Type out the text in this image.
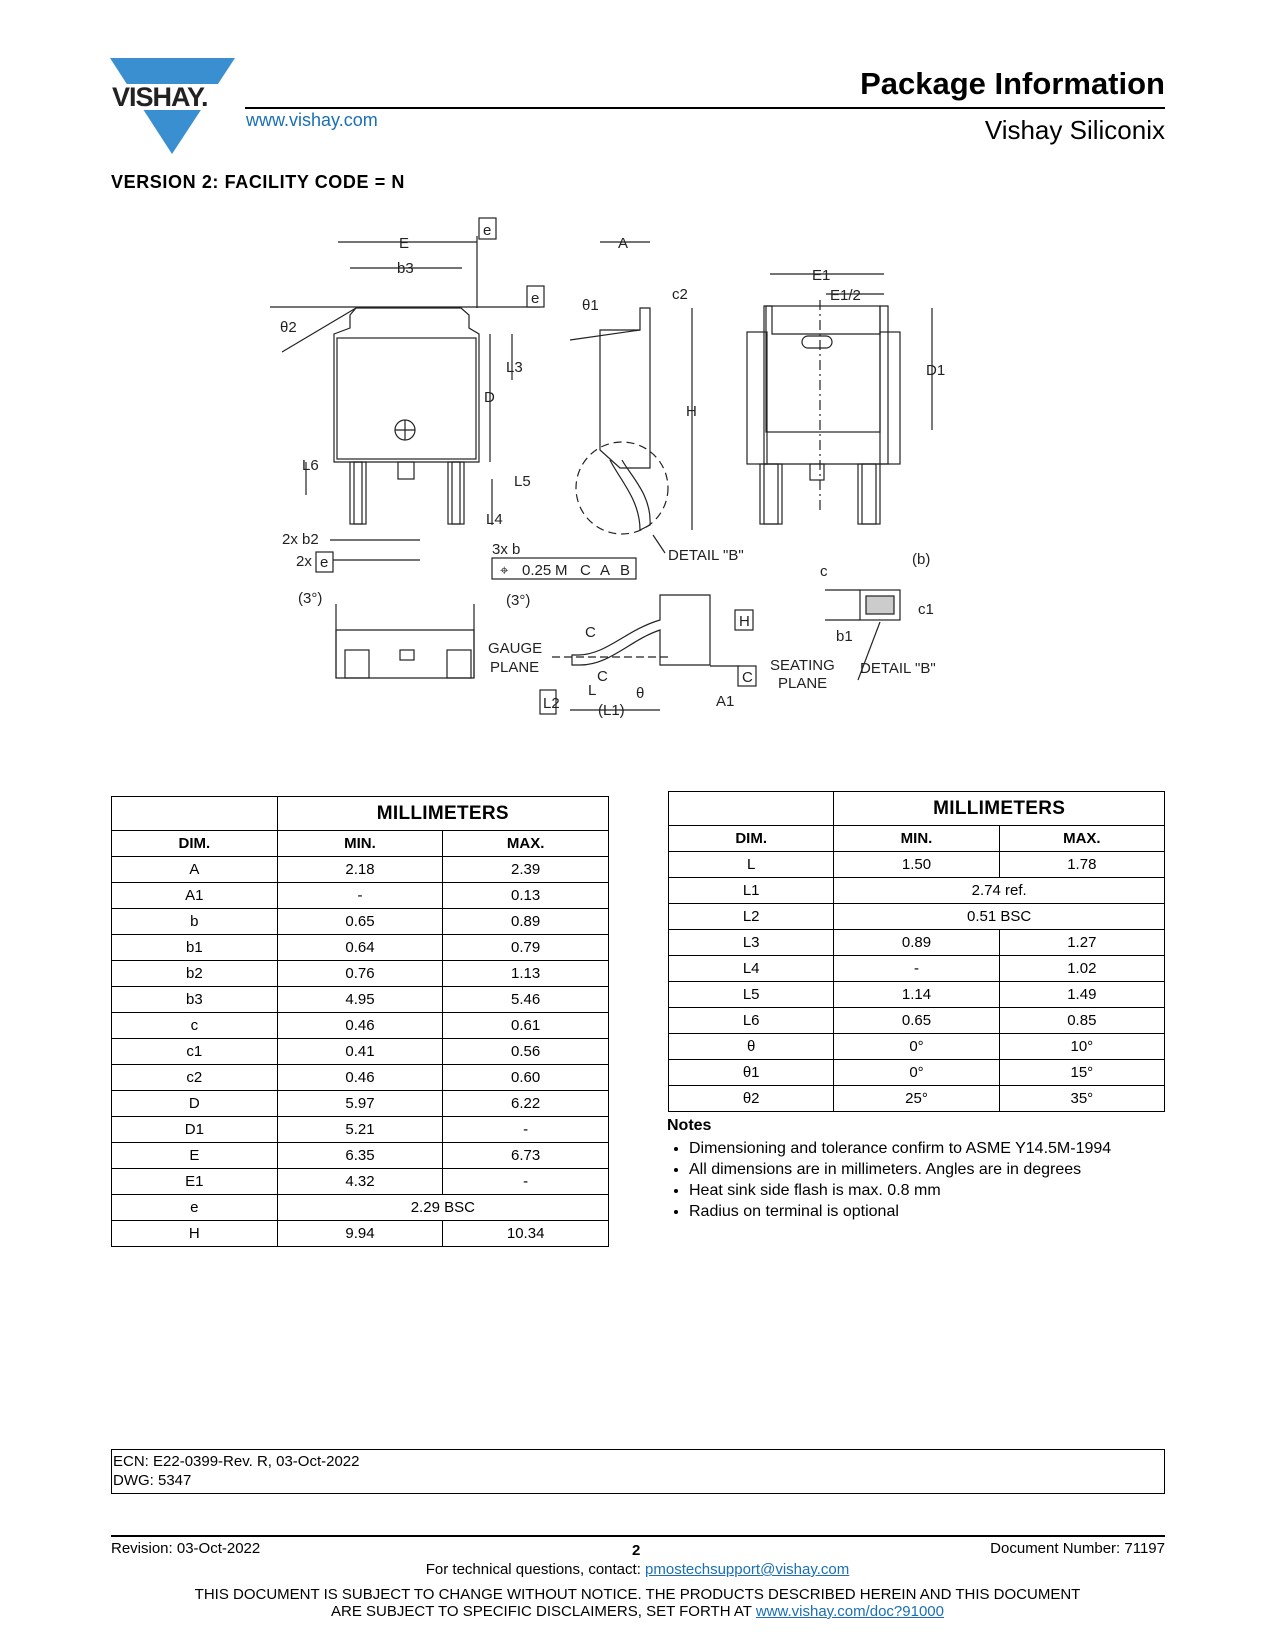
VISHAY.
www.vishay.com
Package Information
Vishay Siliconix
VERSION 2: FACILITY CODE = N
E
e
b3
e
θ2
L3
D
L6
L5
L4
2x b2
2x e
3x b
⌖ 0.25 M C A B
A
c2
θ1
H
DETAIL "B"
E1
E1/2
D1
(3°)	(3°)
GAUGE
PLANE
C
C
L
(L1)
L2
θ	A1
H
C
SEATING
PLANE
c
(b)
c1
b1
DETAIL "B"
	MILLIMETERS	
DIM.	MIN.	MAX.
A	2.18	2.39
A1	-	0.13
b	0.65	0.89
b1	0.64	0.79
b2	0.76	1.13
b3	4.95	5.46
c	0.46	0.61
c1	0.41	0.56
c2	0.46	0.60
D	5.97	6.22
D1	5.21	-
E	6.35	6.73
E1	4.32	-
e	2.29 BSC	
H	9.94	10.34
	MILLIMETERS	
DIM.	MIN.	MAX.
L	1.50	1.78
L1	2.74 ref.	
L2	0.51 BSC	
L3	0.89	1.27
L4	-	1.02
L5	1.14	1.49
L6	0.65	0.85
θ	0°	10°
θ1	0°	15°
θ2	25°	35°
Notes
• Dimensioning and tolerance confirm to ASME Y14.5M-1994
• All dimensions are in millimeters. Angles are in degrees
• Heat sink side flash is max. 0.8 mm
• Radius on terminal is optional
ECN: E22-0399-Rev. R, 03-Oct-2022
DWG: 5347
Revision: 03-Oct-2022	2	Document Number: 71197
For technical questions, contact: pmostechsupport@vishay.com
THIS DOCUMENT IS SUBJECT TO CHANGE WITHOUT NOTICE. THE PRODUCTS DESCRIBED HEREIN AND THIS DOCUMENT
ARE SUBJECT TO SPECIFIC DISCLAIMERS, SET FORTH AT www.vishay.com/doc?91000
